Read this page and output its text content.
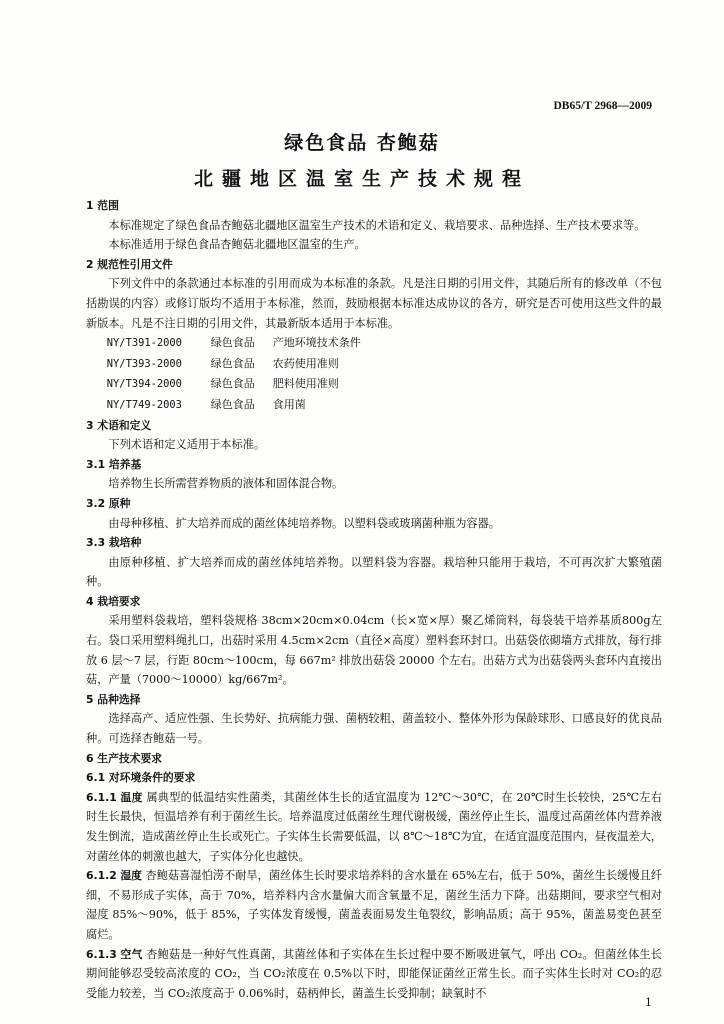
DB65/T 2968—2009
绿色食品 杏鲍菇
北疆地区温室生产技术规程

1 范围

本标准规定了绿色食品杏鲍菇北疆地区温室生产技术的术语和定义、栽培要求、品种选择、生产技术要求等。

本标准适用于绿色食品杏鲍菇北疆地区温室的生产。

2 规范性引用文件

下列文件中的条款通过本标准的引用而成为本标准的条款。凡是注日期的引用文件，其随后所有的修改单（不包括勘误的内容）或修订版均不适用于本标准，然而，鼓励根据本标准达成协议的各方，研究是否可使用这些文件的最新版本。凡是不注日期的引用文件，其最新版本适用于本标准。

NY/T391-2000	绿色食品 产地环境技术条件

NY/T393-2000	绿色食品 农药使用准则

NY/T394-2000	绿色食品 肥料使用准则

NY/T749-2003	绿色食品 食用菌

3 术语和定义

下列术语和定义适用于本标准。

3.1 培养基

培养物生长所需营养物质的液体和固体混合物。

3.2 原种

由母种移植、扩大培养而成的菌丝体纯培养物。以塑料袋或玻璃菌种瓶为容器。

3.3 栽培种

由原种移植、扩大培养而成的菌丝体纯培养物。以塑料袋为容器。栽培种只能用于栽培，不可再次扩大繁殖菌种。

4 栽培要求

采用塑料袋栽培，塑料袋规格 38cm×20cm×0.04cm（长×宽×厚）聚乙烯筒料，每袋装干培养基质800g左右。袋口采用塑料绳扎口，出菇时采用 4.5cm×2cm（直径×高度）塑料套环封口。出菇袋依砌墙方式排放，每行排放 6 层～7 层，行距 80cm～100cm，每 667m² 排放出菇袋 20000 个左右。出菇方式为出菇袋两头套环内直接出菇，产量（7000～10000）kg/667m²。

5 品种选择

选择高产、适应性强、生长势好、抗病能力强、菌柄较粗、菌盖较小、整体外形为保龄球形、口感良好的优良品种。可选择杏鲍菇一号。

6 生产技术要求

6.1 对环境条件的要求

6.1.1 温度 属典型的低温结实性菌类，其菌丝体生长的适宜温度为 12℃～30℃，在 20℃时生长较快，25℃左右时生长最快，恒温培养有利于菌丝生长。培养温度过低菌丝生理代谢极缓，菌丝停止生长，温度过高菌丝体内营养液发生倒流，造成菌丝停止生长或死亡。子实体生长需要低温，以 8℃～18℃为宜，在适宜温度范围内，昼夜温差大，对菌丝体的刺激也越大，子实体分化也越快。

6.1.2 湿度 杏鲍菇喜湿怕涝不耐旱，菌丝体生长时要求培养料的含水量在 65%左右，低于 50%，菌丝生长缓慢且纤细，不易形成子实体，高于 70%，培养料内含水量偏大而含氧量不足，菌丝生活力下降。出菇期间，要求空气相对湿度 85%～90%，低于 85%，子实体发育缓慢，菌盖表面易发生龟裂纹，影响品质；高于 95%，菌盖易变色甚至腐烂。

6.1.3 空气 杏鲍菇是一种好气性真菌，其菌丝体和子实体在生长过程中要不断吸进氧气，呼出 CO₂。但菌丝体生长期间能够忍受较高浓度的 CO₂，当 CO₂浓度在 0.5%以下时，即能保证菌丝正常生长。而子实体生长时对 CO₂的忍受能力较差，当 CO₂浓度高于 0.06%时，菇柄伸长，菌盖生长受抑制；缺氧时不

1
